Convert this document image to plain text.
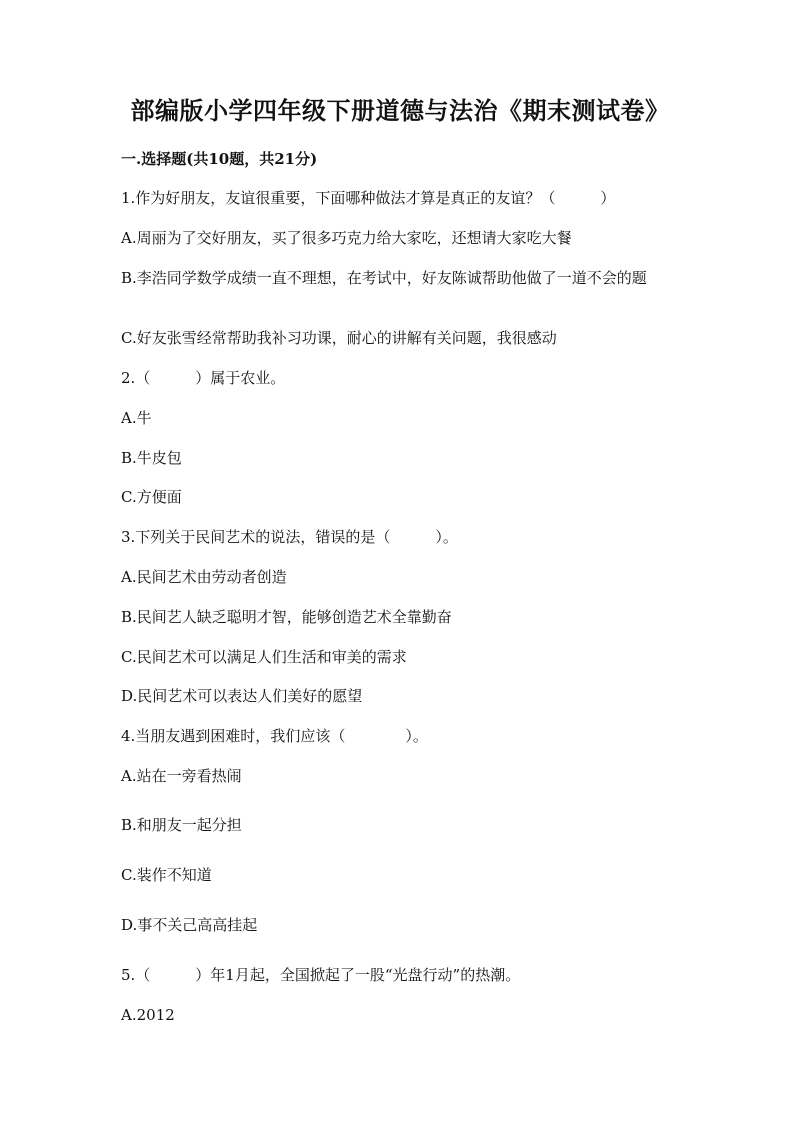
部编版小学四年级下册道德与法治《期末测试卷》

一.选择题(共10题，共21分)

1.作为好朋友，友谊很重要，下面哪种做法才算是真正的友谊？（　　　）

A.周丽为了交好朋友，买了很多巧克力给大家吃，还想请大家吃大餐

B.李浩同学数学成绩一直不理想，在考试中，好友陈诚帮助他做了一道不会的题

C.好友张雪经常帮助我补习功课，耐心的讲解有关问题，我很感动

2.（　　　）属于农业。

A.牛

B.牛皮包

C.方便面

3.下列关于民间艺术的说法，错误的是（　　　）。

A.民间艺术由劳动者创造

B.民间艺人缺乏聪明才智，能够创造艺术全靠勤奋

C.民间艺术可以满足人们生活和审美的需求

D.民间艺术可以表达人们美好的愿望

4.当朋友遇到困难时，我们应该（　　　　）。

A.站在一旁看热闹

B.和朋友一起分担

C.装作不知道

D.事不关己高高挂起

5.（　　　）年1月起，全国掀起了一股“光盘行动”的热潮。

A.2012
